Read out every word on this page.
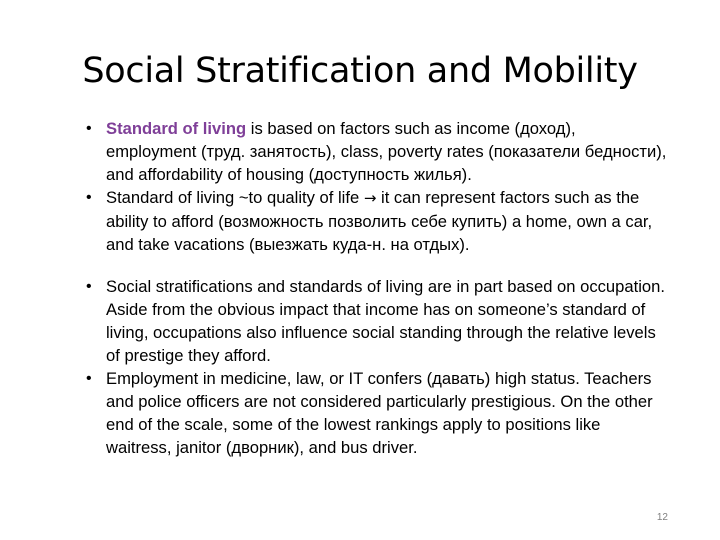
Social Stratification and Mobility

• Standard of living is based on factors such as income (доход), employment (труд. занятость), class, poverty rates (показатели бедности), and affordability of housing (доступность жилья).

• Standard of living ~to quality of life → it can represent factors such as the ability to afford (возможность позволить себе купить) a home, own a car, and take vacations (выезжать куда-н. на отдых).

• Social stratifications and standards of living are in part based on occupation. Aside from the obvious impact that income has on someone’s standard of living, occupations also influence social standing through the relative levels of prestige they afford.

• Employment in medicine, law, or IT confers (давать) high status. Teachers and police officers are not considered particularly prestigious. On the other end of the scale, some of the lowest rankings apply to positions like waitress, janitor (дворник), and bus driver.

12
